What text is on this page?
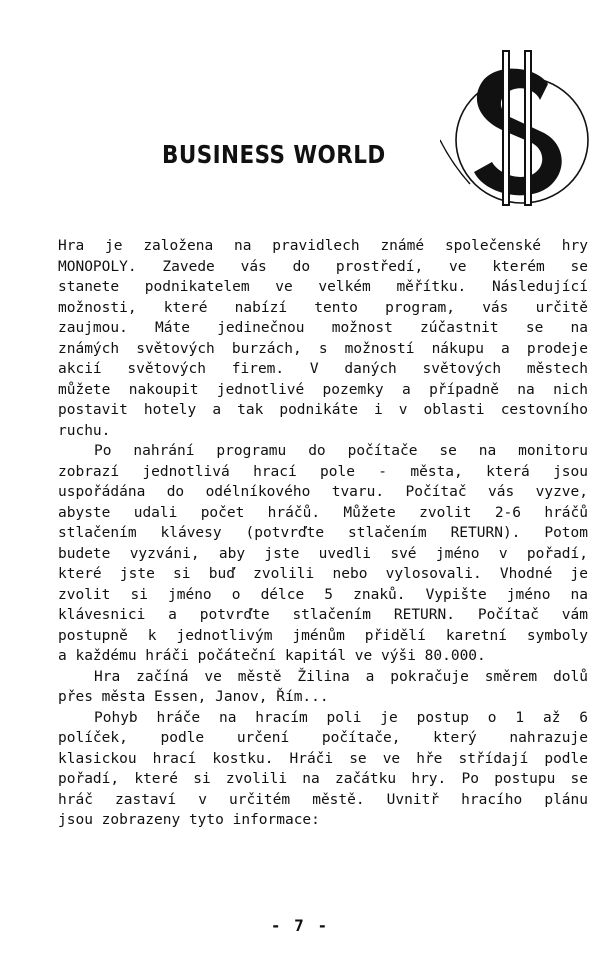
BUSINESS WORLD
Hra je založena na pravidlech známé společenské hry
MONOPOLY. Zavede vás do prostředí, ve kterém se
stanete podnikatelem ve velkém měřítku. Následující
možnosti, které nabízí tento program, vás určitě
zaujmou. Máte jedinečnou možnost zúčastnit se na
známých světových burzách, s možností nákupu a prodeje
akcií světových firem. V daných světových městech
můžete nakoupit jednotlivé pozemky a případně na nich
postavit hotely a tak podnikáte i v oblasti cestovního
ruchu.
Po nahrání programu do počítače se na monitoru
zobrazí jednotlivá hrací pole - města, která jsou
uspořádána do odélníkového tvaru. Počítač vás vyzve,
abyste udali počet hráčů. Můžete zvolit 2-6 hráčů
stlačením klávesy (potvrďte stlačením RETURN). Potom
budete vyzváni, aby jste uvedli své jméno v pořadí,
které jste si buď zvolili nebo vylosovali. Vhodné je
zvolit si jméno o délce 5 znaků. Vypište jméno na
klávesnici a potvrďte stlačením RETURN. Počítač vám
postupně k jednotlivým jménům přidělí karetní symboly
a každému hráči počáteční kapitál ve výši 80.000.
Hra začíná ve městě Žilina a pokračuje směrem dolů
přes města Essen, Janov, Řím...
Pohyb hráče na hracím poli je postup o 1 až 6
políček, podle určení počítače, který nahrazuje
klasickou hrací kostku. Hráči se ve hře střídají podle
pořadí, které si zvolili na začátku hry. Po postupu se
hráč zastaví v určitém městě. Uvnitř hracího plánu
jsou zobrazeny tyto informace:
- 7 -
